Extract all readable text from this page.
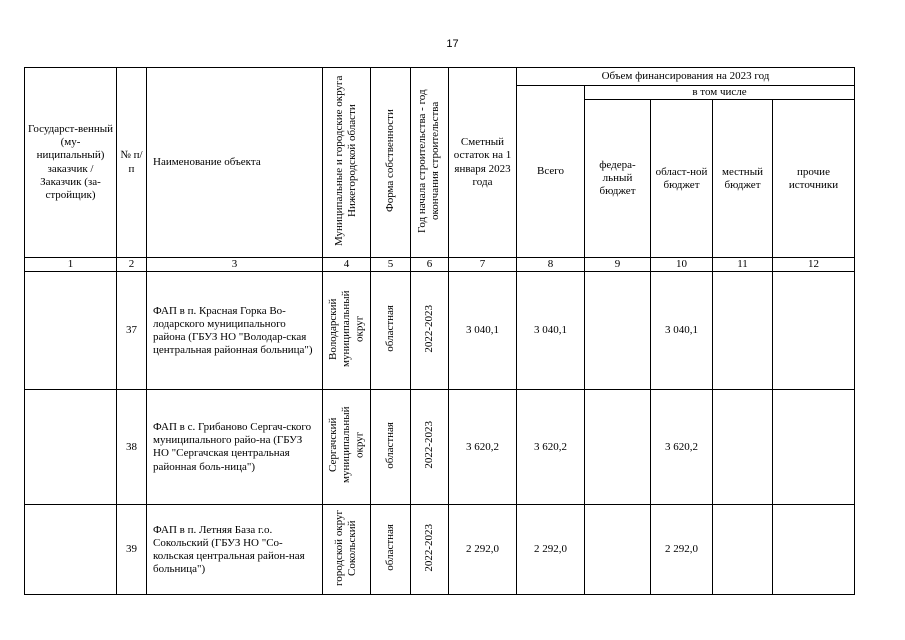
17
Государст-венный (му-ниципальный) заказчик / Заказчик (за-стройщик)	№ п/п	Наименование объекта	Муниципальные и городские округа Нижегородской области	Форма собственности	Год начала строительства - год окончания строительства	Сметный остаток на 1 января 2023 года	Объем финансирования на 2023 год				
							Всего	в том числе			
								федера-льный бюджет	област-ной бюджет	местный бюджет	прочие источники
1	2	3	4	5	6	7	8	9	10	11	12
	37	ФАП в п. Красная Горка Во-лодарского муниципального района (ГБУЗ НО "Володар-ская центральная районная больница")	Володарский муниципальный округ	областная	2022-2023	3 040,1	3 040,1		3 040,1		
	38	ФАП в с. Грибаново Сергач-ского муниципального райо-на (ГБУЗ НО "Сергачская центральная районная боль-ница")	Сергачский муниципальный округ	областная	2022-2023	3 620,2	3 620,2		3 620,2		
	39	ФАП в п. Летняя База г.о. Сокольский (ГБУЗ НО "Со-кольская центральная район-ная больница")	городской округ Сокольский	областная	2022-2023	2 292,0	2 292,0		2 292,0		
